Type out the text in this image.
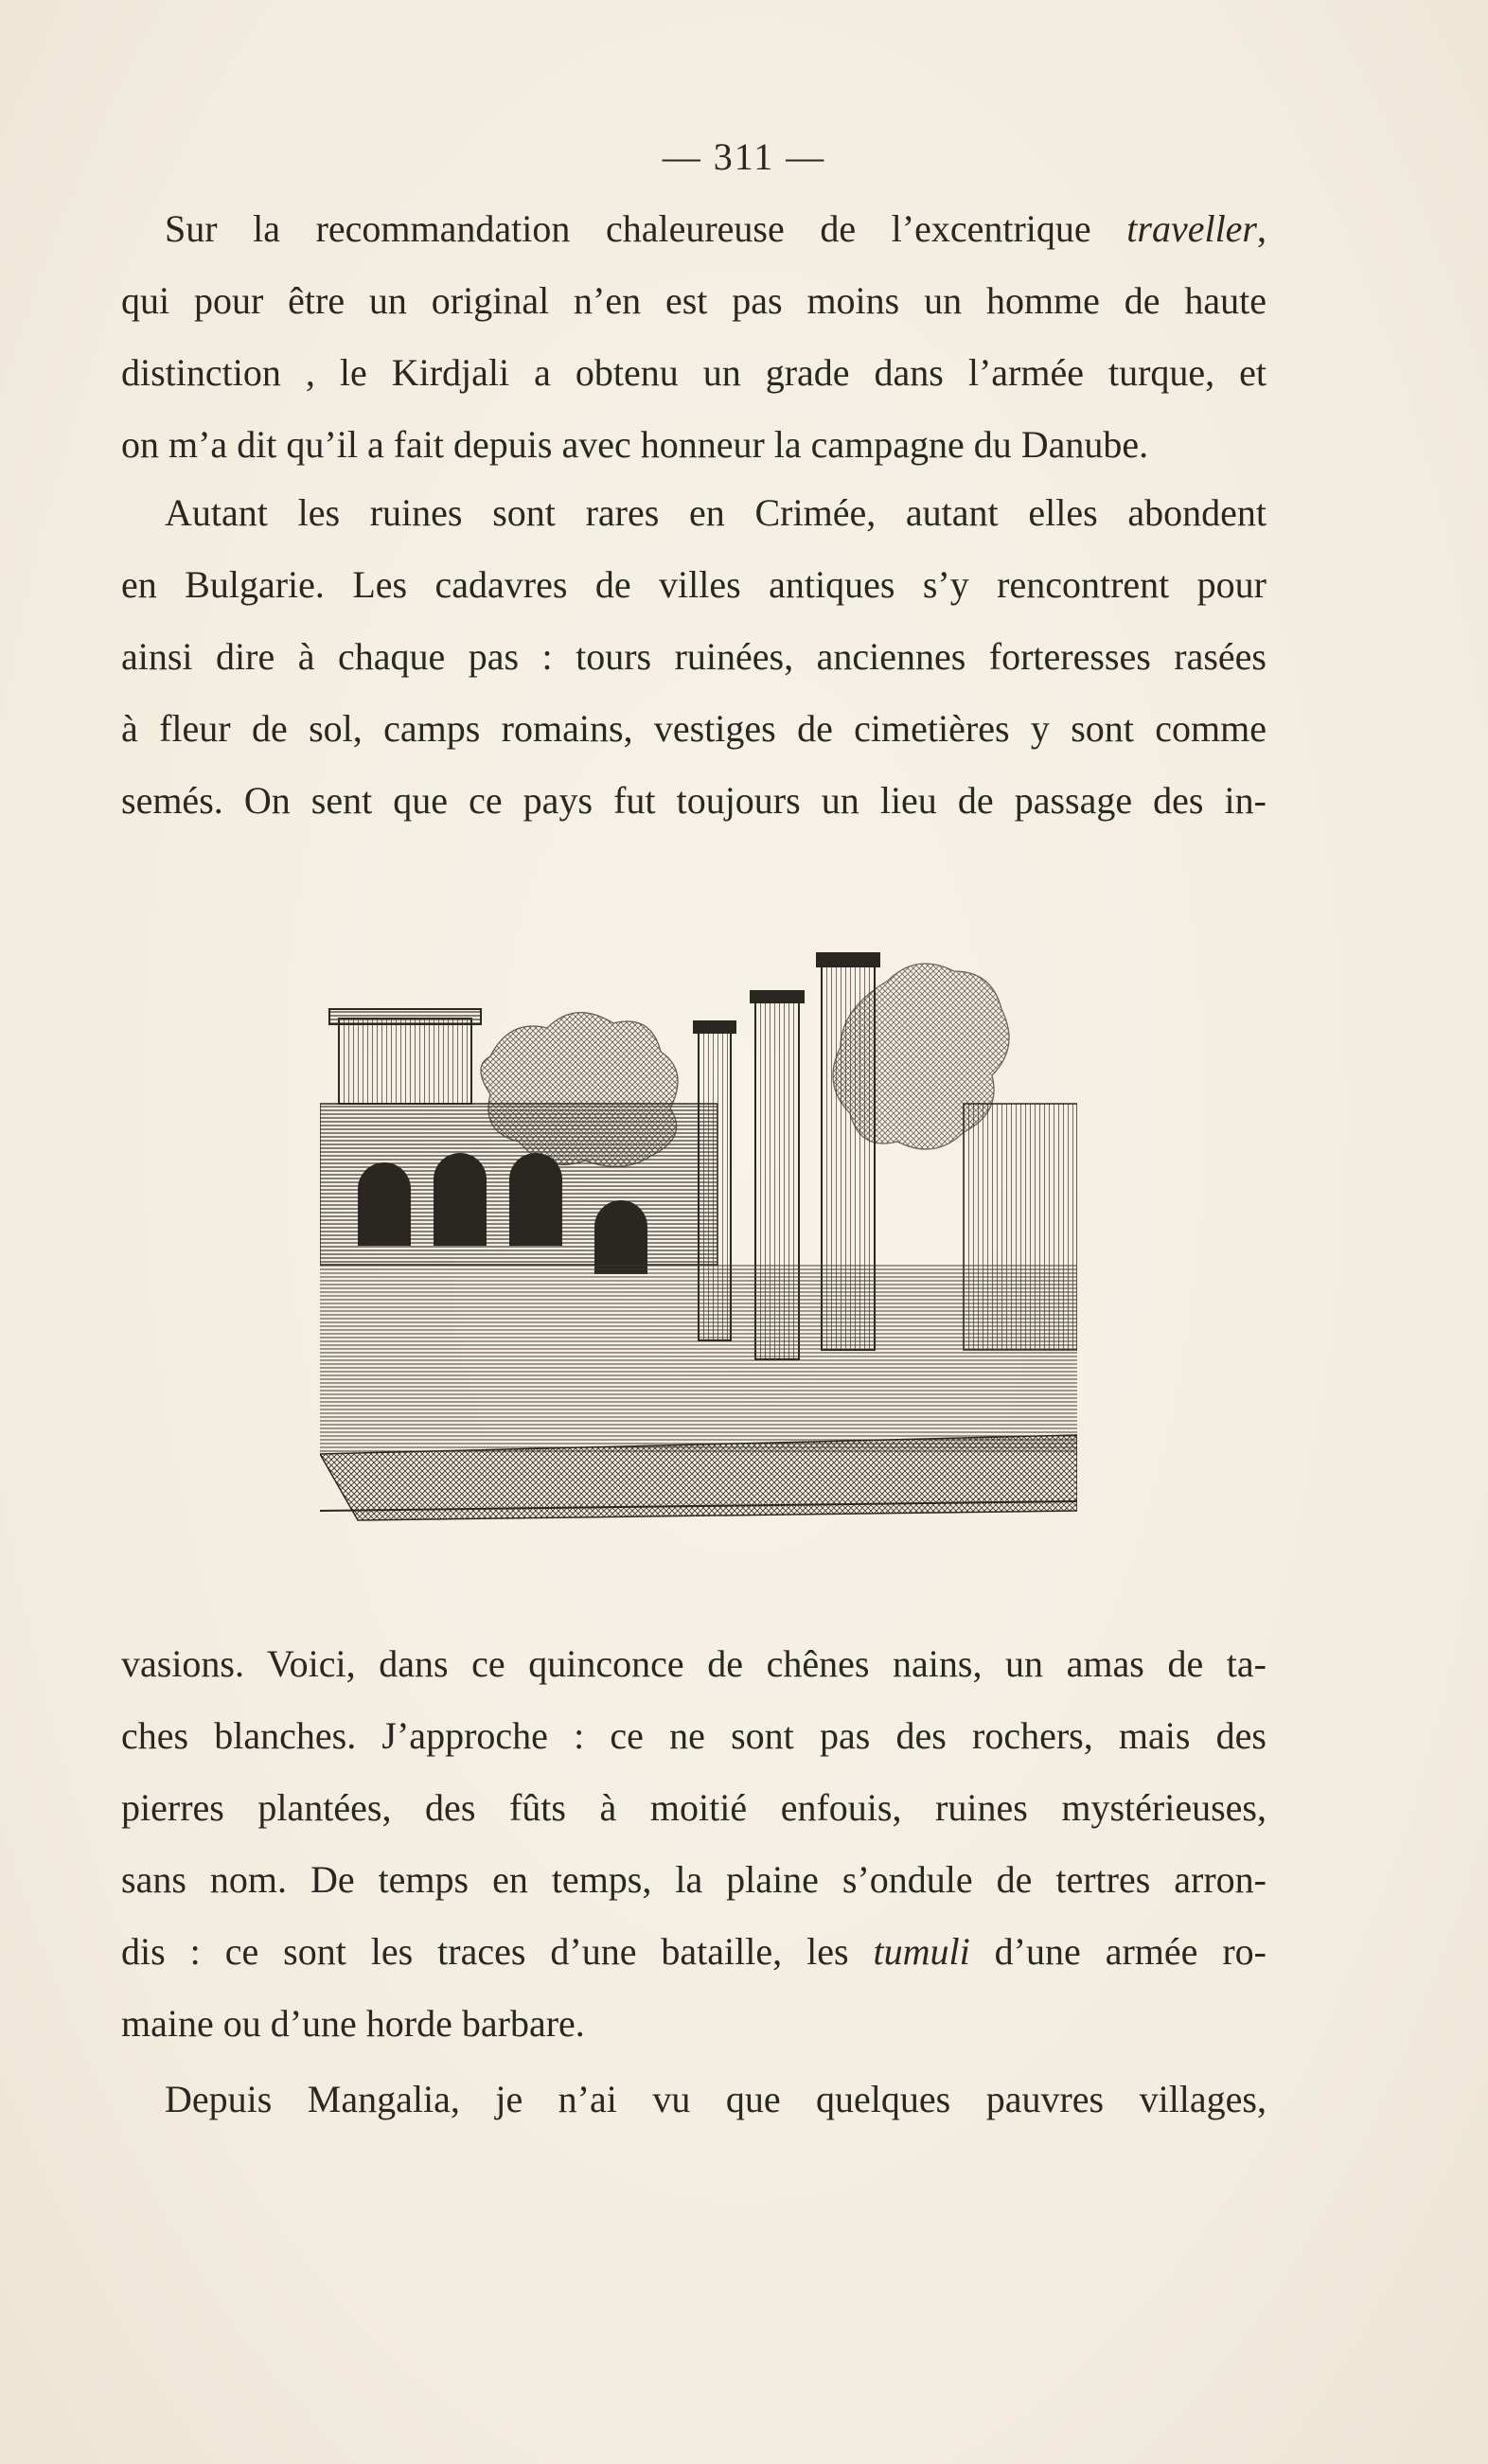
— 311 —
Sur la recommandation chaleureuse de l’excentrique traveller,
qui pour être un original n’en est pas moins un homme de haute
distinction , le Kirdjali a obtenu un grade dans l’armée turque, et
on m’a dit qu’il a fait depuis avec honneur la campagne du Danube.
Autant les ruines sont rares en Crimée, autant elles abondent
en Bulgarie. Les cadavres de villes antiques s’y rencontrent pour
ainsi dire à chaque pas : tours ruinées, anciennes forteresses rasées
à fleur de sol, camps romains, vestiges de cimetières y sont comme
semés. On sent que ce pays fut toujours un lieu de passage des in-
vasions. Voici, dans ce quinconce de chênes nains, un amas de ta-
ches blanches. J’approche : ce ne sont pas des rochers, mais des
pierres plantées, des fûts à moitié enfouis, ruines mystérieuses,
sans nom. De temps en temps, la plaine s’ondule de tertres arron-
dis : ce sont les traces d’une bataille, les tumuli d’une armée ro-
maine ou d’une horde barbare.
Depuis Mangalia, je n’ai vu que quelques pauvres villages,
